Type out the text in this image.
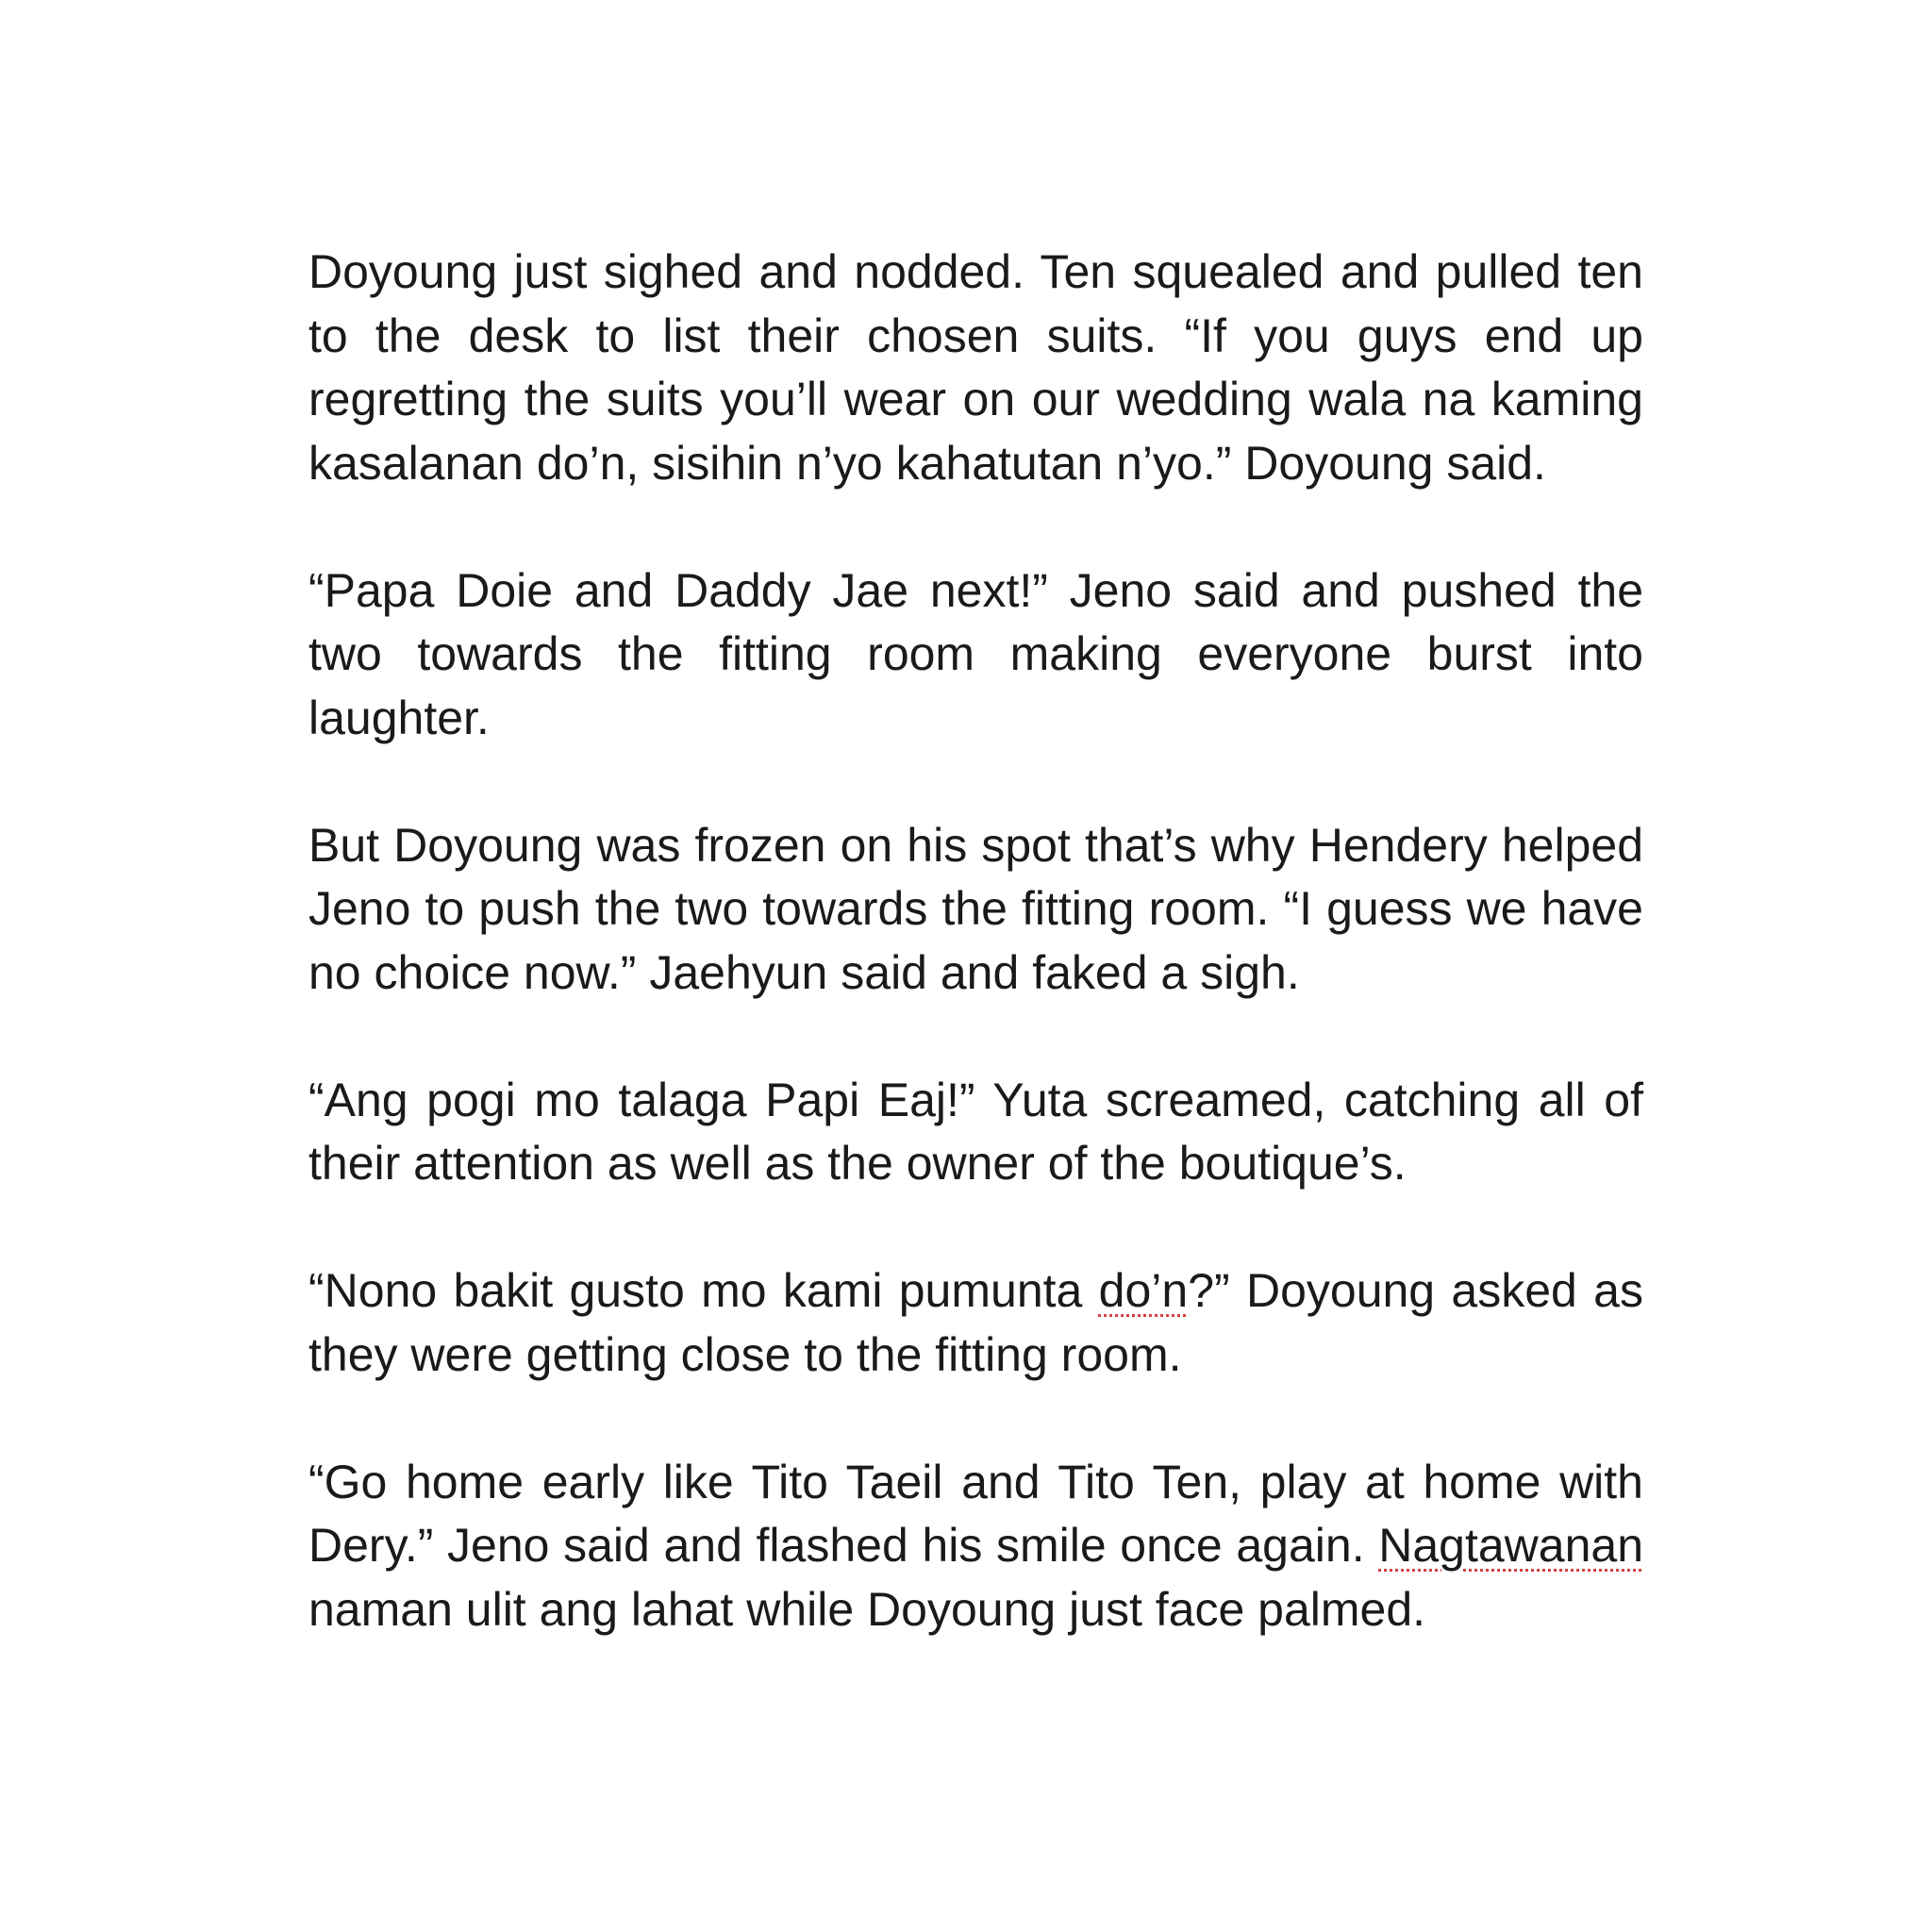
Doyoung just sighed and nodded. Ten squealed and pulled ten to the desk to list their chosen suits. “If you guys end up regretting the suits you’ll wear on our wedding wala na kaming kasalanan do’n, sisihin n’yo kahatutan n’yo.” Doyoung said.

“Papa Doie and Daddy Jae next!” Jeno said and pushed the two towards the fitting room making everyone burst into laughter.

But Doyoung was frozen on his spot that’s why Hendery helped Jeno to push the two towards the fitting room. “I guess we have no choice now.” Jaehyun said and faked a sigh.

“Ang pogi mo talaga Papi Eaj!” Yuta screamed, catching all of their attention as well as the owner of the boutique’s.

“Nono bakit gusto mo kami pumunta do’n?” Doyoung asked as they were getting close to the fitting room.

“Go home early like Tito Taeil and Tito Ten, play at home with Dery.” Jeno said and flashed his smile once again. Nagtawanan naman ulit ang lahat while Doyoung just face palmed.
